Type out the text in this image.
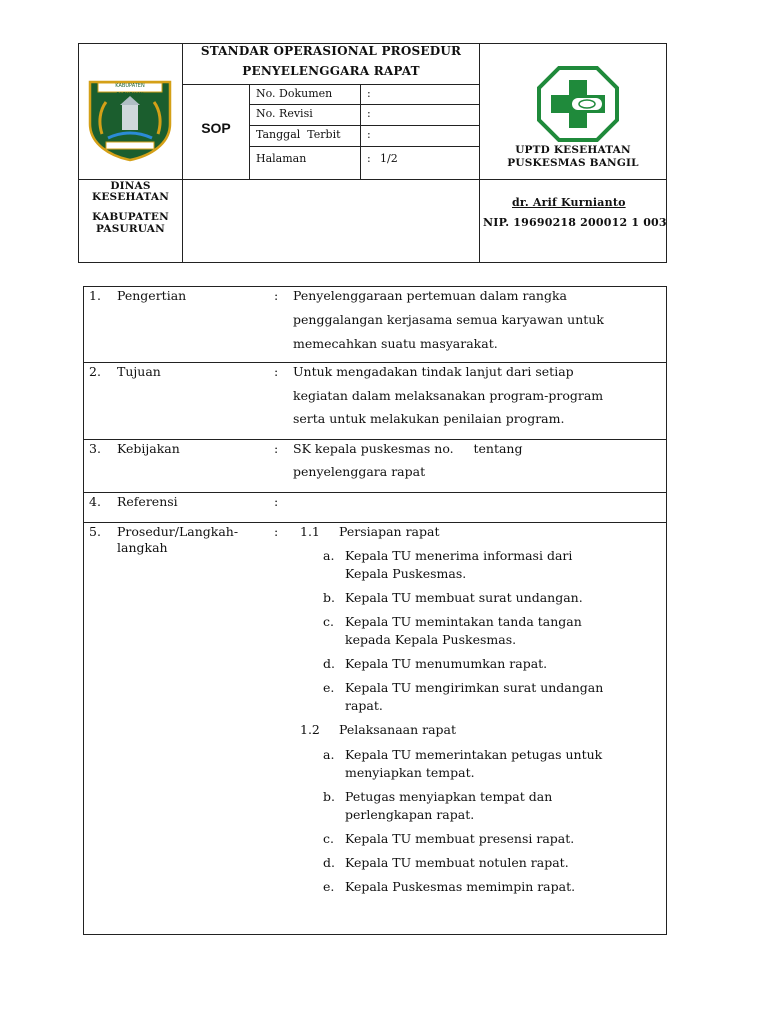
KABUPATEN PASURUAN
STANDAR OPERASIONAL PROSEDUR
PENYELENGGARA RAPAT
SOP
No. Dokumen	:
No. Revisi	:
Tanggal  Terbit :
Halaman	: 1/2
UPTD KESEHATAN
PUSKESMAS BANGIL
DINAS
KESEHATAN
KABUPATEN
PASURUAN
dr. Arif Kurnianto
NIP. 19690218 200012 1 003
1. Pengertian	: Penyelenggaraan pertemuan dalam rangka
penggalangan kerjasama semua karyawan untuk
memecahkan suatu masyarakat.
2. Tujuan	: Untuk mengadakan tindak lanjut dari setiap
kegiatan dalam melaksanakan program-program
serta untuk melakukan penilaian program.
3. Kebijakan	: SK kepala puskesmas no.     tentang
penyelenggara rapat
4. Referensi	:
5. Prosedur/Langkah-
langkah
: 1.1 Persiapan rapat
a. Kepala TU menerima informasi dari
Kepala Puskesmas.
b. Kepala TU membuat surat undangan.
c. Kepala TU memintakan tanda tangan
kepada Kepala Puskesmas.
d. Kepala TU menumumkan rapat.
e. Kepala TU mengirimkan surat undangan
rapat.
1.2 Pelaksanaan rapat
a. Kepala TU memerintakan petugas untuk
menyiapkan tempat.
b. Petugas menyiapkan tempat dan
perlengkapan rapat.
c. Kepala TU membuat presensi rapat.
d. Kepala TU membuat notulen rapat.
e. Kepala Puskesmas memimpin rapat.
